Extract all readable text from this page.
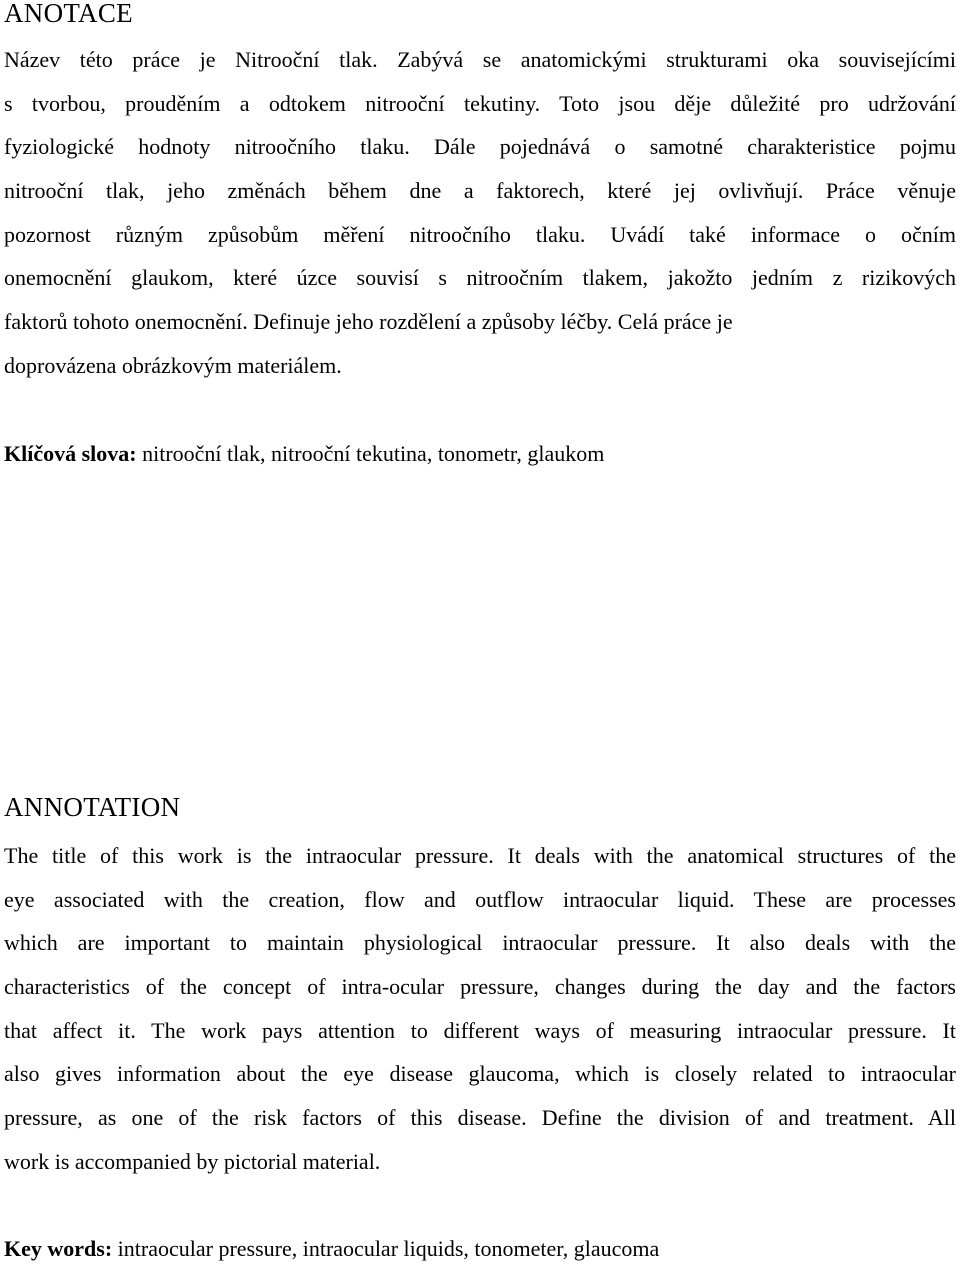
ANOTACE
Název této práce je Nitrooční tlak. Zabývá se anatomickými strukturami oka souvisejícími
s tvorbou, prouděním a odtokem nitrooční tekutiny. Toto jsou děje důležité pro udržování
fyziologické hodnoty nitroočního tlaku. Dále pojednává o samotné charakteristice pojmu
nitrooční tlak, jeho změnách během dne a faktorech, které jej ovlivňují. Práce věnuje
pozornost různým způsobům měření nitroočního tlaku. Uvádí také informace o očním
onemocnění glaukom, které úzce souvisí s nitroočním tlakem, jakožto jedním z rizikových
faktorů tohoto onemocnění. Definuje jeho rozdělení a způsoby léčby. Celá práce je
doprovázena obrázkovým materiálem.

Klíčová slova: nitrooční tlak, nitrooční tekutina, tonometr, glaukom

ANNOTATION
The title of this work is the intraocular pressure. It deals with the anatomical structures of the
eye associated with the creation, flow and outflow intraocular liquid. These are processes
which are important to maintain physiological intraocular pressure. It also deals with the
characteristics of the concept of intra-ocular pressure, changes during the day and the factors
that affect it. The work pays attention to different ways of measuring intraocular pressure. It
also gives information about the eye disease glaucoma, which is closely related to intraocular
pressure, as one of the risk factors of this disease. Define the division of and treatment. All
work is accompanied by pictorial material.

Key words: intraocular pressure, intraocular liquids, tonometer, glaucoma
